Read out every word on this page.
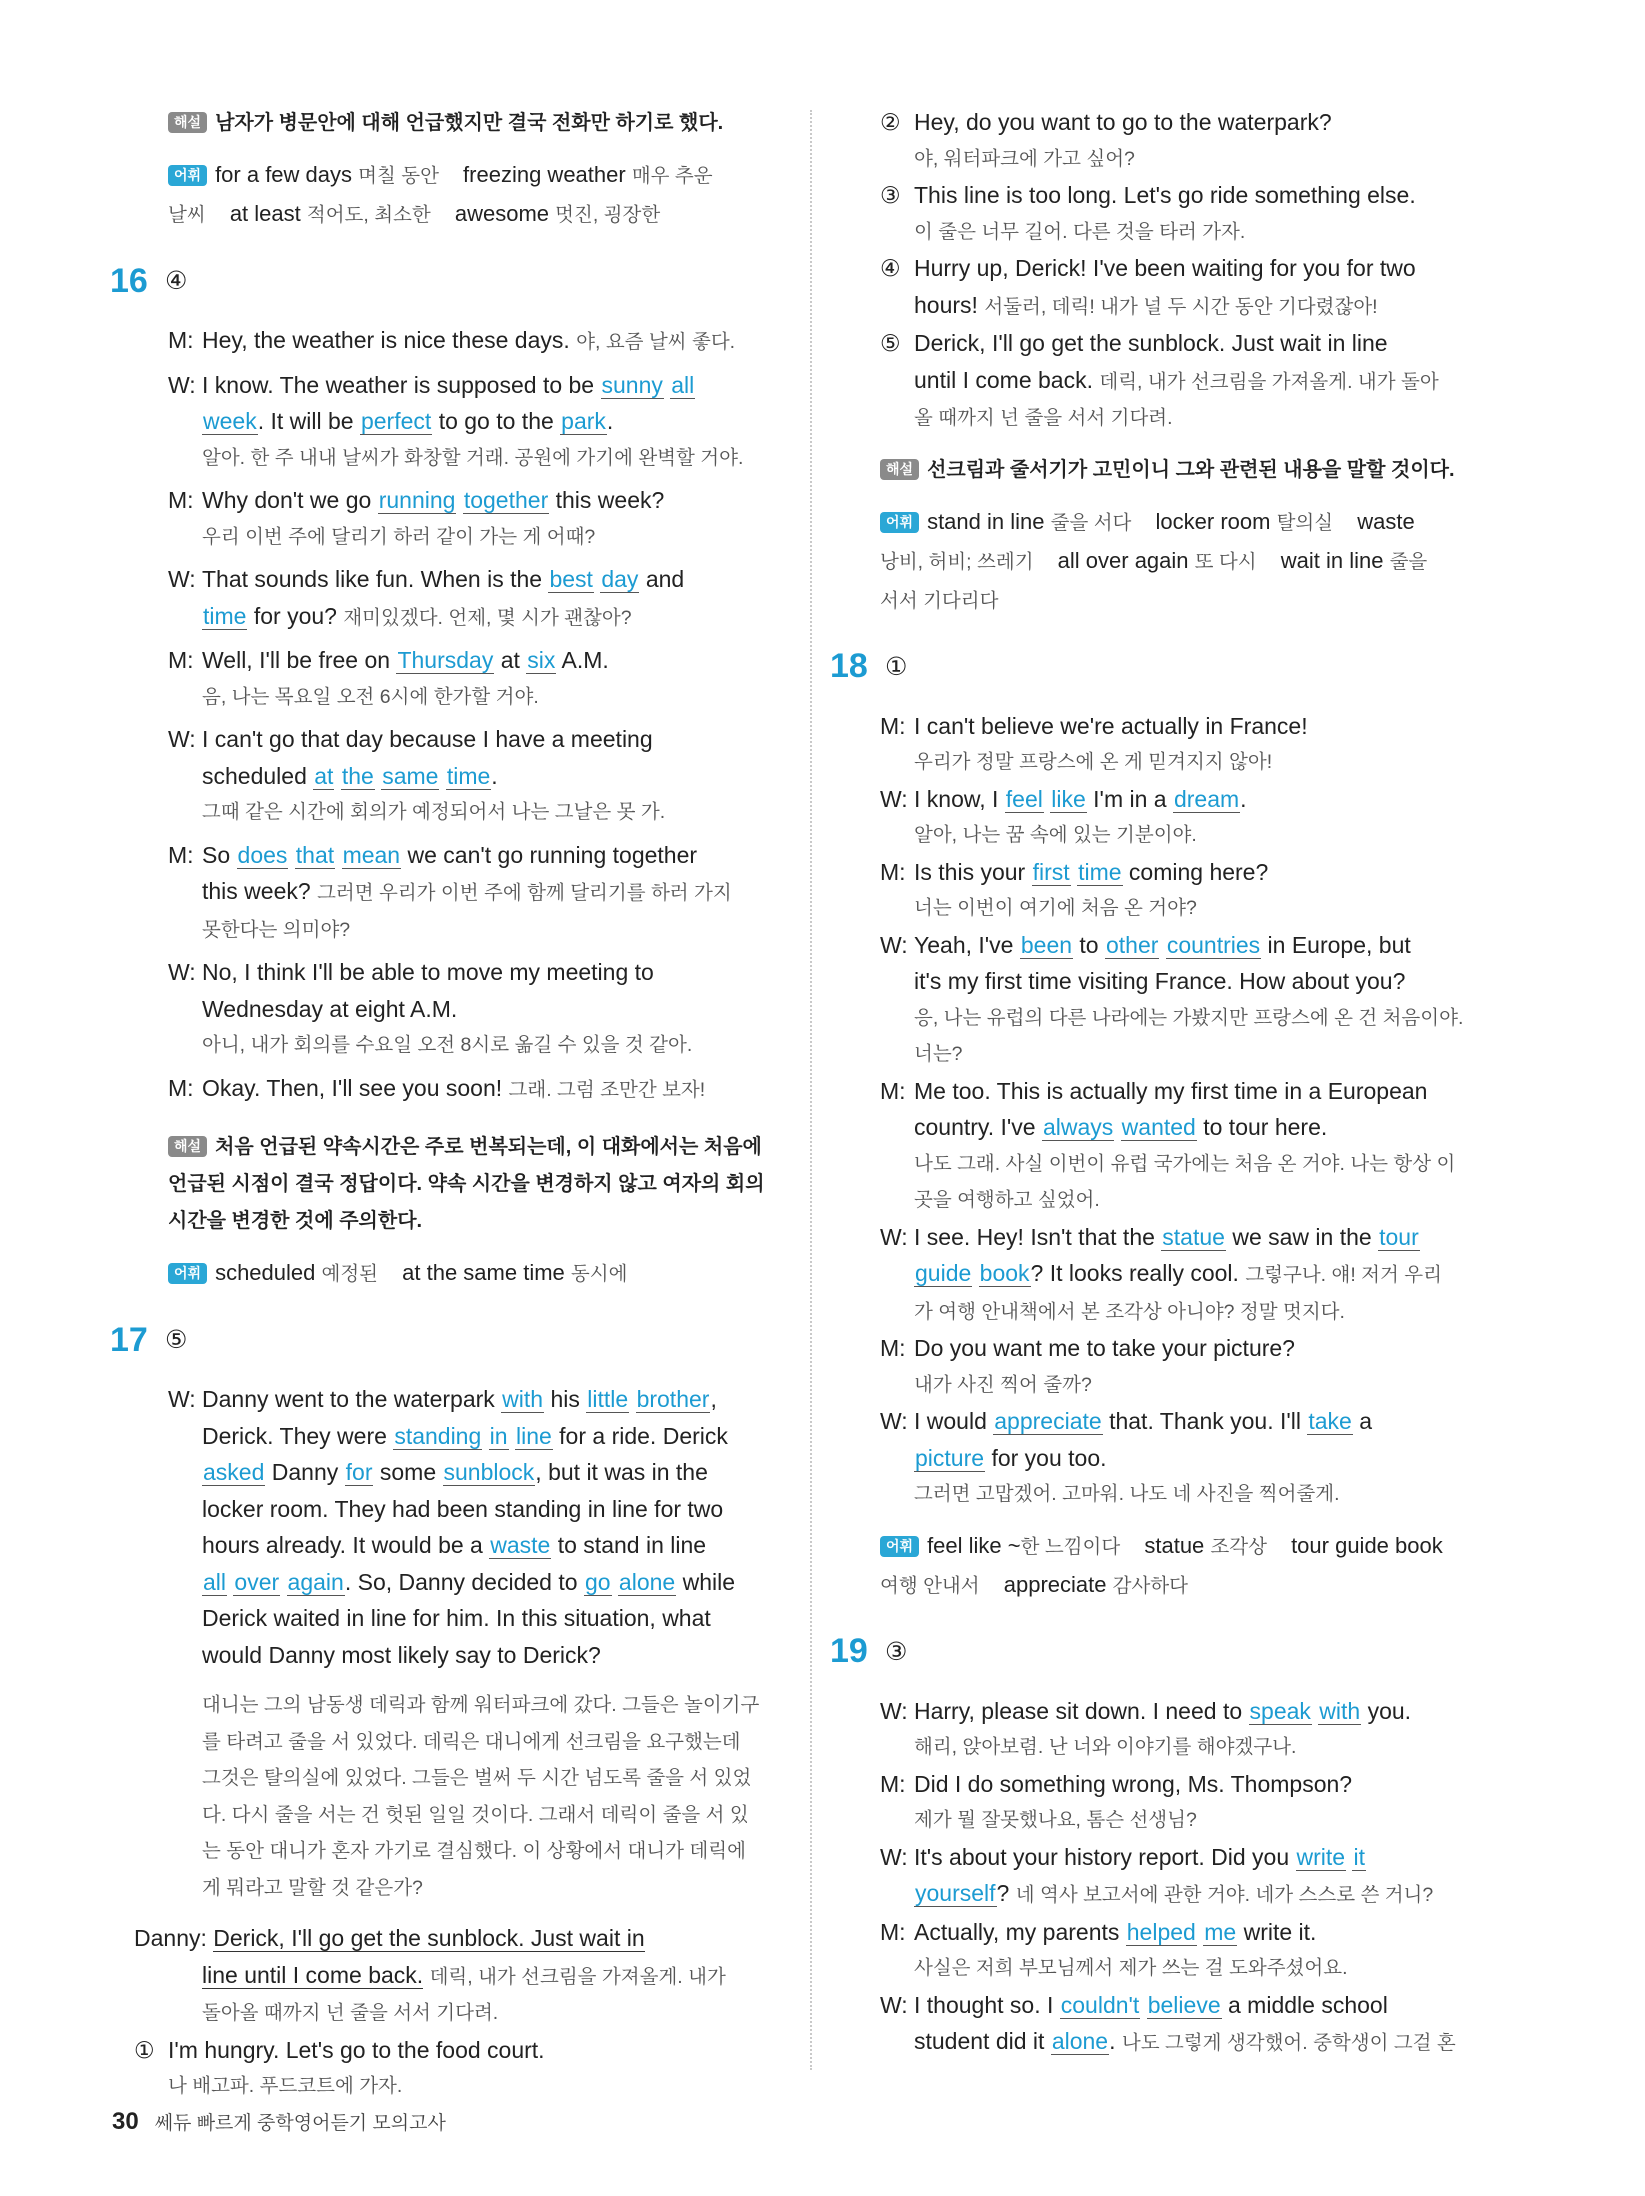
해설 남자가 병문안에 대해 언급했지만 결국 전화만 하기로 했다.

어휘 for a few days 며칠 동안 freezing weather 매우 추운

날씨 at least 적어도, 최소한 awesome 멋진, 굉장한

16 ④
M: Hey, the weather is nice these days. 야, 요즘 날씨 좋다.

W: I know. The weather is supposed to be sunny all

week. It will be perfect to go to the park.

알아. 한 주 내내 날씨가 화창할 거래. 공원에 가기에 완벽할 거야.

M: Why don't we go running together this week?

우리 이번 주에 달리기 하러 같이 가는 게 어때?

W: That sounds like fun. When is the best day and

time for you? 재미있겠다. 언제, 몇 시가 괜찮아?

M: Well, I'll be free on Thursday at six A.M.

음, 나는 목요일 오전 6시에 한가할 거야.

W: I can't go that day because I have a meeting

scheduled at the same time.

그때 같은 시간에 회의가 예정되어서 나는 그날은 못 가.

M: So does that mean we can't go running together

this week? 그러면 우리가 이번 주에 함께 달리기를 하러 가지

못한다는 의미야?

W: No, I think I'll be able to move my meeting to

Wednesday at eight A.M.

아니, 내가 회의를 수요일 오전 8시로 옮길 수 있을 것 같아.

M: Okay. Then, I'll see you soon! 그래. 그럼 조만간 보자!

해설 처음 언급된 약속시간은 주로 번복되는데, 이 대화에서는 처음에

언급된 시점이 결국 정답이다. 약속 시간을 변경하지 않고 여자의 회의

시간을 변경한 것에 주의한다.

어휘 scheduled 예정된 at the same time 동시에

17 ⑤
W: Danny went to the waterpark with his little brother,

Derick. They were standing in line for a ride. Derick

asked Danny for some sunblock, but it was in the

locker room. They had been standing in line for two

hours already. It would be a waste to stand in line

all over again. So, Danny decided to go alone while

Derick waited in line for him. In this situation, what

would Danny most likely say to Derick?

대니는 그의 남동생 데릭과 함께 워터파크에 갔다. 그들은 놀이기구

를 타려고 줄을 서 있었다. 데릭은 대니에게 선크림을 요구했는데

그것은 탈의실에 있었다. 그들은 벌써 두 시간 넘도록 줄을 서 있었

다. 다시 줄을 서는 건 헛된 일일 것이다. 그래서 데릭이 줄을 서 있

는 동안 대니가 혼자 가기로 결심했다. 이 상황에서 대니가 데릭에

게 뭐라고 말할 것 같은가?

Danny: Derick, I'll go get the sunblock. Just wait in

line until I come back. 데릭, 내가 선크림을 가져올게. 내가

돌아올 때까지 넌 줄을 서서 기다려.

① I'm hungry. Let's go to the food court.

나 배고파. 푸드코트에 가자.

② Hey, do you want to go to the waterpark?

야, 워터파크에 가고 싶어?

③ This line is too long. Let's go ride something else.

이 줄은 너무 길어. 다른 것을 타러 가자.

④ Hurry up, Derick! I've been waiting for you for two

hours! 서둘러, 데릭! 내가 널 두 시간 동안 기다렸잖아!

⑤ Derick, I'll go get the sunblock. Just wait in line

until I come back. 데릭, 내가 선크림을 가져올게. 내가 돌아

올 때까지 넌 줄을 서서 기다려.

해설 선크림과 줄서기가 고민이니 그와 관련된 내용을 말할 것이다.

어휘 stand in line 줄을 서다 locker room 탈의실 waste

낭비, 허비; 쓰레기 all over again 또 다시 wait in line 줄을

서서 기다리다

18 ①
M: I can't believe we're actually in France!

우리가 정말 프랑스에 온 게 믿겨지지 않아!

W: I know, I feel like I'm in a dream.

알아, 나는 꿈 속에 있는 기분이야.

M: Is this your first time coming here?

너는 이번이 여기에 처음 온 거야?

W: Yeah, I've been to other countries in Europe, but

it's my first time visiting France. How about you?

응, 나는 유럽의 다른 나라에는 가봤지만 프랑스에 온 건 처음이야.

너는?

M: Me too. This is actually my first time in a European

country. I've always wanted to tour here.

나도 그래. 사실 이번이 유럽 국가에는 처음 온 거야. 나는 항상 이

곳을 여행하고 싶었어.

W: I see. Hey! Isn't that the statue we saw in the tour

guide book? It looks really cool. 그렇구나. 얘! 저거 우리

가 여행 안내책에서 본 조각상 아니야? 정말 멋지다.

M: Do you want me to take your picture?

내가 사진 찍어 줄까?

W: I would appreciate that. Thank you. I'll take a

picture for you too.

그러면 고맙겠어. 고마워. 나도 네 사진을 찍어줄게.

어휘 feel like ~한 느낌이다 statue 조각상 tour guide book

여행 안내서 appreciate 감사하다

19 ③
W: Harry, please sit down. I need to speak with you.

해리, 앉아보렴. 난 너와 이야기를 해야겠구나.

M: Did I do something wrong, Ms. Thompson?

제가 뭘 잘못했나요, 톰슨 선생님?

W: It's about your history report. Did you write it

yourself? 네 역사 보고서에 관한 거야. 네가 스스로 쓴 거니?

M: Actually, my parents helped me write it.

사실은 저희 부모님께서 제가 쓰는 걸 도와주셨어요.

W: I thought so. I couldn't believe a middle school

student did it alone. 나도 그렇게 생각했어. 중학생이 그걸 혼

30 쎄듀 빠르게 중학영어듣기 모의고사
